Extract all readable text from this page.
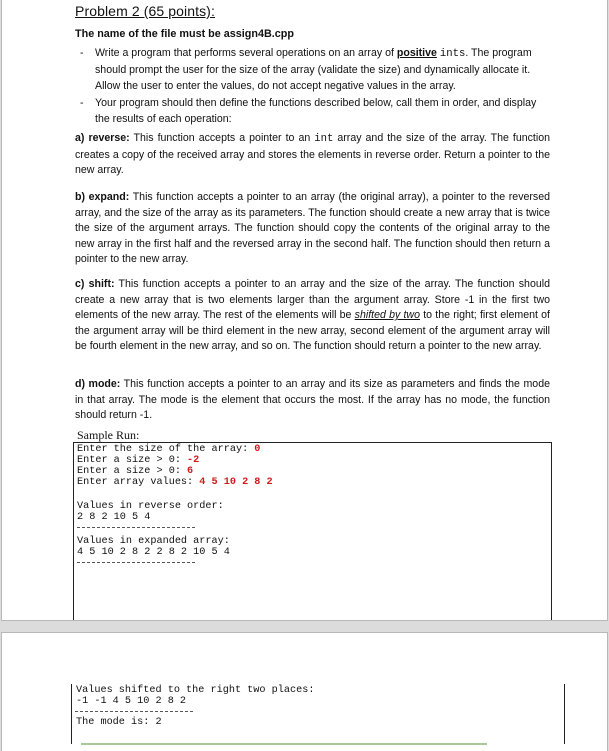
Problem 2 (65 points):
The name of the file must be assign4B.cpp
- Write a program that performs several operations on an array of positive ints. The program should prompt the user for the size of the array (validate the size) and dynamically allocate it. Allow the user to enter the values, do not accept negative values in the array.
- Your program should then define the functions described below, call them in order, and display the results of each operation:
a) reverse: This function accepts a pointer to an int array and the size of the array. The function creates a copy of the received array and stores the elements in reverse order. Return a pointer to the new array.
b) expand: This function accepts a pointer to an array (the original array), a pointer to the reversed array, and the size of the array as its parameters. The function should create a new array that is twice the size of the argument arrays. The function should copy the contents of the original array to the new array in the first half and the reversed array in the second half. The function should then return a pointer to the new array.
c) shift: This function accepts a pointer to an array and the size of the array. The function should create a new array that is two elements larger than the argument array. Store -1 in the first two elements of the new array. The rest of the elements will be shifted by two to the right; first element of the argument array will be third element in the new array, second element of the argument array will be fourth element in the new array, and so on. The function should return a pointer to the new array.
d) mode: This function accepts a pointer to an array and its size as parameters and finds the mode in that array. The mode is the element that occurs the most. If the array has no mode, the function should return -1.
Sample Run:

Enter the size of the array: 0

Enter a size > 0: -2

Enter a size > 0: 6

Enter array values: 4 5 10 2 8 2

Values in reverse order:

2 8 2 10 5 4

Values in expanded array:

4 5 10 2 8 2 2 8 2 10 5 4

Values shifted to the right two places:

-1 -1 4 5 10 2 8 2

The mode is: 2
